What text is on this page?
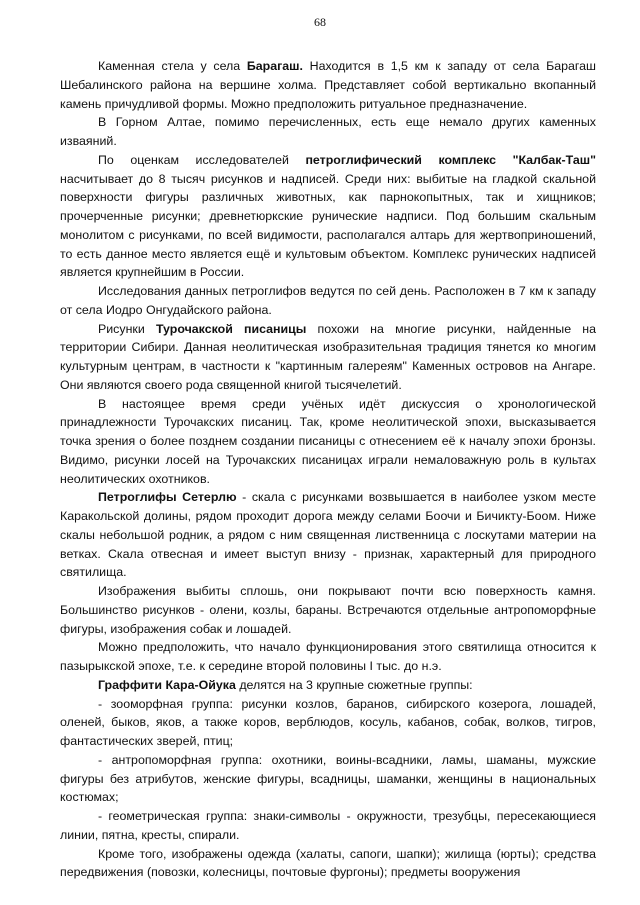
68

Каменная стела у села Барагаш. Находится в 1,5 км к западу от села Барагаш Шебалинского района на вершине холма. Представляет собой вертикально вкопанный камень причудливой формы. Можно предположить ритуальное предназначение.

В Горном Алтае, помимо перечисленных, есть еще немало других каменных изваяний.

По оценкам исследователей петроглифический комплекс "Калбак-Таш" насчитывает до 8 тысяч рисунков и надписей. Среди них: выбитые на гладкой скальной поверхности фигуры различных животных, как парнокопытных, так и хищников; прочерченные рисунки; древнетюркские рунические надписи. Под большим скальным монолитом с рисунками, по всей видимости, располагался алтарь для жертвоприношений, то есть данное место является ещё и культовым объектом. Комплекс рунических надписей является крупнейшим в России.

Исследования данных петроглифов ведутся по сей день. Расположен в 7 км к западу от села Иодро Онгудайского района.

Рисунки Турочакской писаницы похожи на многие рисунки, найденные на территории Сибири. Данная неолитическая изобразительная традиция тянется ко многим культурным центрам, в частности к "картинным галереям" Каменных островов на Ангаре. Они являются своего рода священной книгой тысячелетий.

В настоящее время среди учёных идёт дискуссия о хронологической принадлежности Турочакских писаниц. Так, кроме неолитической эпохи, высказывается точка зрения о более позднем создании писаницы с отнесением её к началу эпохи бронзы. Видимо, рисунки лосей на Турочакских писаницах играли немаловажную роль в культах неолитических охотников.

Петроглифы Сетерлю - скала с рисунками возвышается в наиболее узком месте Каракольской долины, рядом проходит дорога между селами Боочи и Бичикту-Боом. Ниже скалы небольшой родник, а рядом с ним священная лиственница с лоскутами материи на ветках. Скала отвесная и имеет выступ внизу - признак, характерный для природного святилища.

Изображения выбиты сплошь, они покрывают почти всю поверхность камня. Большинство рисунков - олени, козлы, бараны. Встречаются отдельные антропоморфные фигуры, изображения собак и лошадей.

Можно предположить, что начало функционирования этого святилища относится к пазырыкской эпохе, т.е. к середине второй половины I тыс. до н.э.

Граффити Кара-Ойука делятся на 3 крупные сюжетные группы:

- зооморфная группа: рисунки козлов, баранов, сибирского козерога, лошадей, оленей, быков, яков, а также коров, верблюдов, косуль, кабанов, собак, волков, тигров, фантастических зверей, птиц;

- антропоморфная группа: охотники, воины-всадники, ламы, шаманы, мужские фигуры без атрибутов, женские фигуры, всадницы, шаманки, женщины в национальных костюмах;

- геометрическая группа: знаки-символы - окружности, трезубцы, пересекающиеся линии, пятна, кресты, спирали.

Кроме того, изображены одежда (халаты, сапоги, шапки); жилища (юрты); средства передвижения (повозки, колесницы, почтовые фургоны); предметы вооружения
